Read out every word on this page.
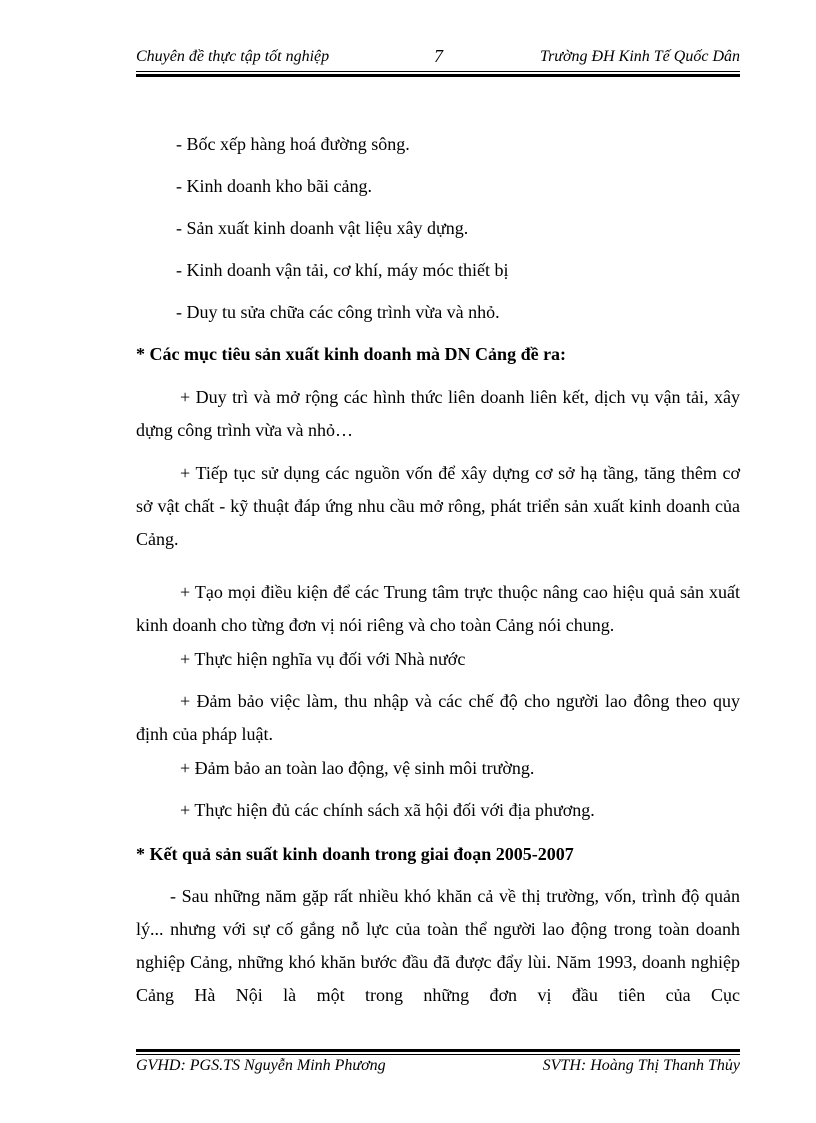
Chuyên đề thực tập tốt nghiệp	7	Trường ĐH Kinh Tế Quốc Dân
- Bốc xếp hàng hoá đường sông.
- Kinh doanh kho bãi cảng.
- Sản xuất kinh doanh vật liệu xây dựng.
- Kinh doanh vận tải, cơ khí, máy móc thiết bị
- Duy tu sửa chữa các công trình vừa và nhỏ.
* Các mục tiêu sản xuất kinh doanh mà DN Cảng đề ra:
+ Duy trì và mở rộng các hình thức liên doanh liên kết, dịch vụ vận tải, xây dựng công trình vừa và nhỏ…
+ Tiếp tục sử dụng các nguồn vốn để xây dựng cơ sở hạ tầng, tăng thêm cơ sở vật chất - kỹ thuật đáp ứng nhu cầu mở rông, phát triển sản xuất kinh doanh của Cảng.
+ Tạo mọi điều kiện để các Trung tâm trực thuộc nâng cao hiệu quả sản xuất kinh doanh cho từng đơn vị nói riêng và cho toàn Cảng nói chung.
+ Thực hiện nghĩa vụ đối với Nhà nước
+ Đảm bảo việc làm, thu nhập và các chế độ cho người lao đông theo quy định của pháp luật.
+ Đảm bảo an toàn lao động, vệ sinh môi trường.
+ Thực hiện đủ các chính sách xã hội đối với địa phương.
* Kết quả sản suất kinh doanh trong giai đoạn 2005-2007
- Sau những năm gặp rất nhiều khó khăn cả về thị trường, vốn, trình độ quản lý... nhưng với sự cố gắng nỗ lực của toàn thể người lao động trong toàn doanh nghiệp Cảng, những khó khăn bước đầu đã được đẩy lùi. Năm 1993, doanh nghiệp Cảng Hà Nội là một trong những đơn vị đầu tiên của Cục
GVHD: PGS.TS Nguyễn Minh Phương	SVTH: Hoàng Thị Thanh Thủy
